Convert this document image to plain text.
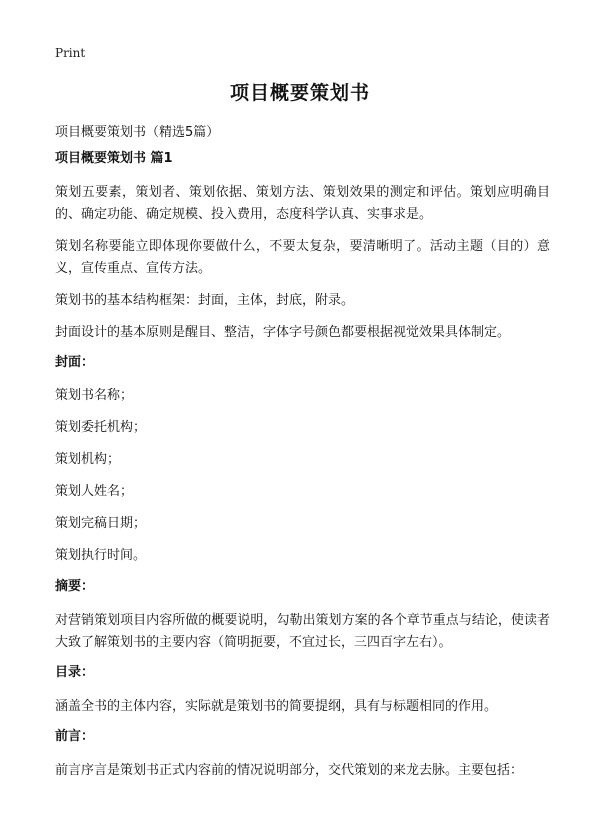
Print
项目概要策划书
项目概要策划书（精选5篇）
项目概要策划书 篇1
策划五要素，策划者、策划依据、策划方法、策划效果的测定和评估。策划应明确目的、确定功能、确定规模、投入费用，态度科学认真、实事求是。
策划名称要能立即体现你要做什么，不要太复杂，要清晰明了。活动主题（目的）意义，宣传重点、宣传方法。
策划书的基本结构框架：封面，主体，封底，附录。
封面设计的基本原则是醒目、整洁，字体字号颜色都要根据视觉效果具体制定。
封面：
策划书名称；
策划委托机构；
策划机构；
策划人姓名；
策划完稿日期；
策划执行时间。
摘要：
对营销策划项目内容所做的概要说明，勾勒出策划方案的各个章节重点与结论，使读者大致了解策划书的主要内容（简明扼要，不宜过长，三四百字左右）。
目录：
涵盖全书的主体内容，实际就是策划书的简要提纲，具有与标题相同的作用。
前言：
前言序言是策划书正式内容前的情况说明部分，交代策划的来龙去脉。主要包括：
